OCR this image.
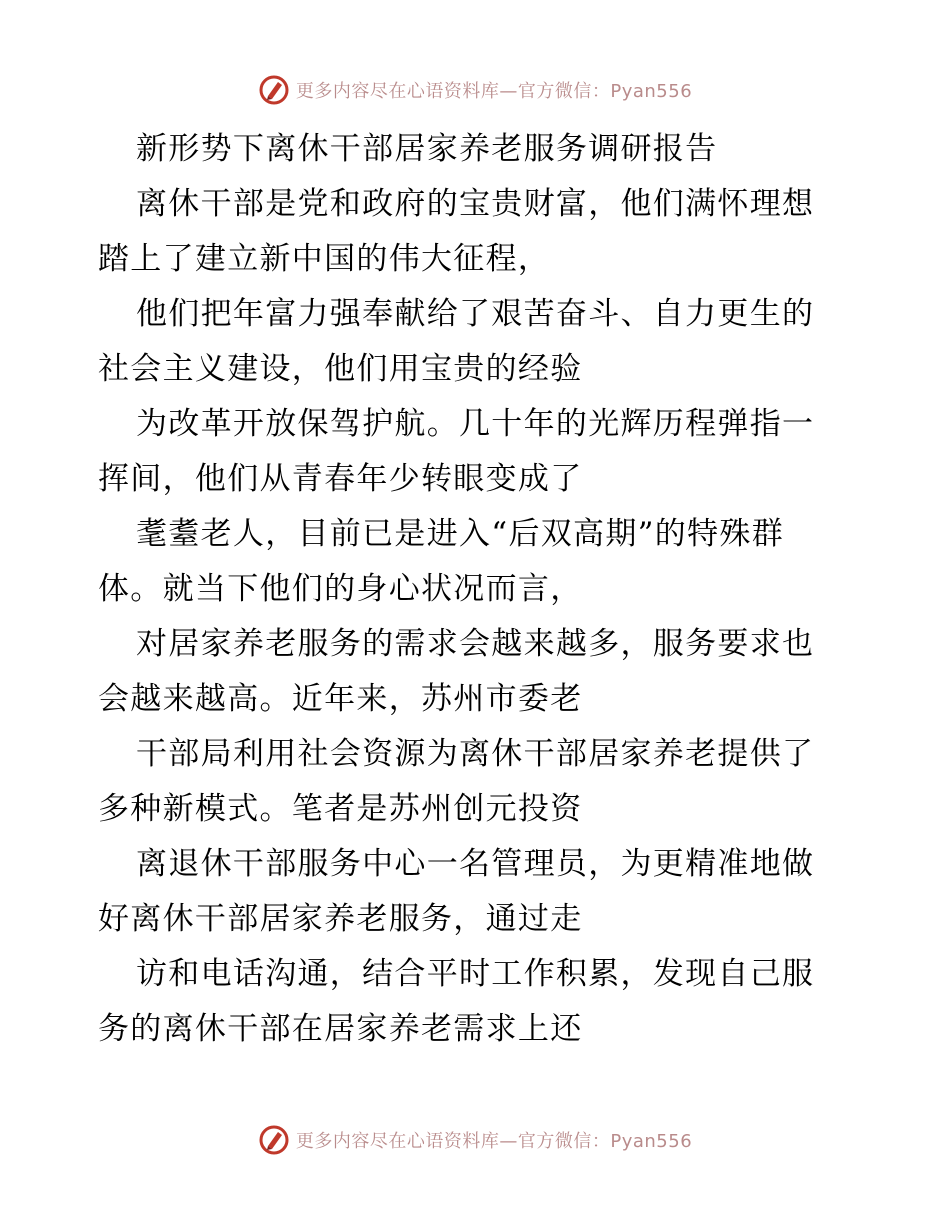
更多内容尽在心语资料库—官方微信：Pyan556

新形势下离休干部居家养老服务调研报告

离休干部是党和政府的宝贵财富，他们满怀理想
踏上了建立新中国的伟大征程，

他们把年富力强奉献给了艰苦奋斗、自力更生的
社会主义建设，他们用宝贵的经验

为改革开放保驾护航。几十年的光辉历程弹指一
挥间，他们从青春年少转眼变成了

耄耋老人，目前已是进入“后双高期”的特殊群
体。就当下他们的身心状况而言，

对居家养老服务的需求会越来越多，服务要求也
会越来越高。近年来，苏州市委老

干部局利用社会资源为离休干部居家养老提供了
多种新模式。笔者是苏州创元投资

离退休干部服务中心一名管理员，为更精准地做
好离休干部居家养老服务，通过走

访和电话沟通，结合平时工作积累，发现自己服
务的离休干部在居家养老需求上还

更多内容尽在心语资料库—官方微信：Pyan556
